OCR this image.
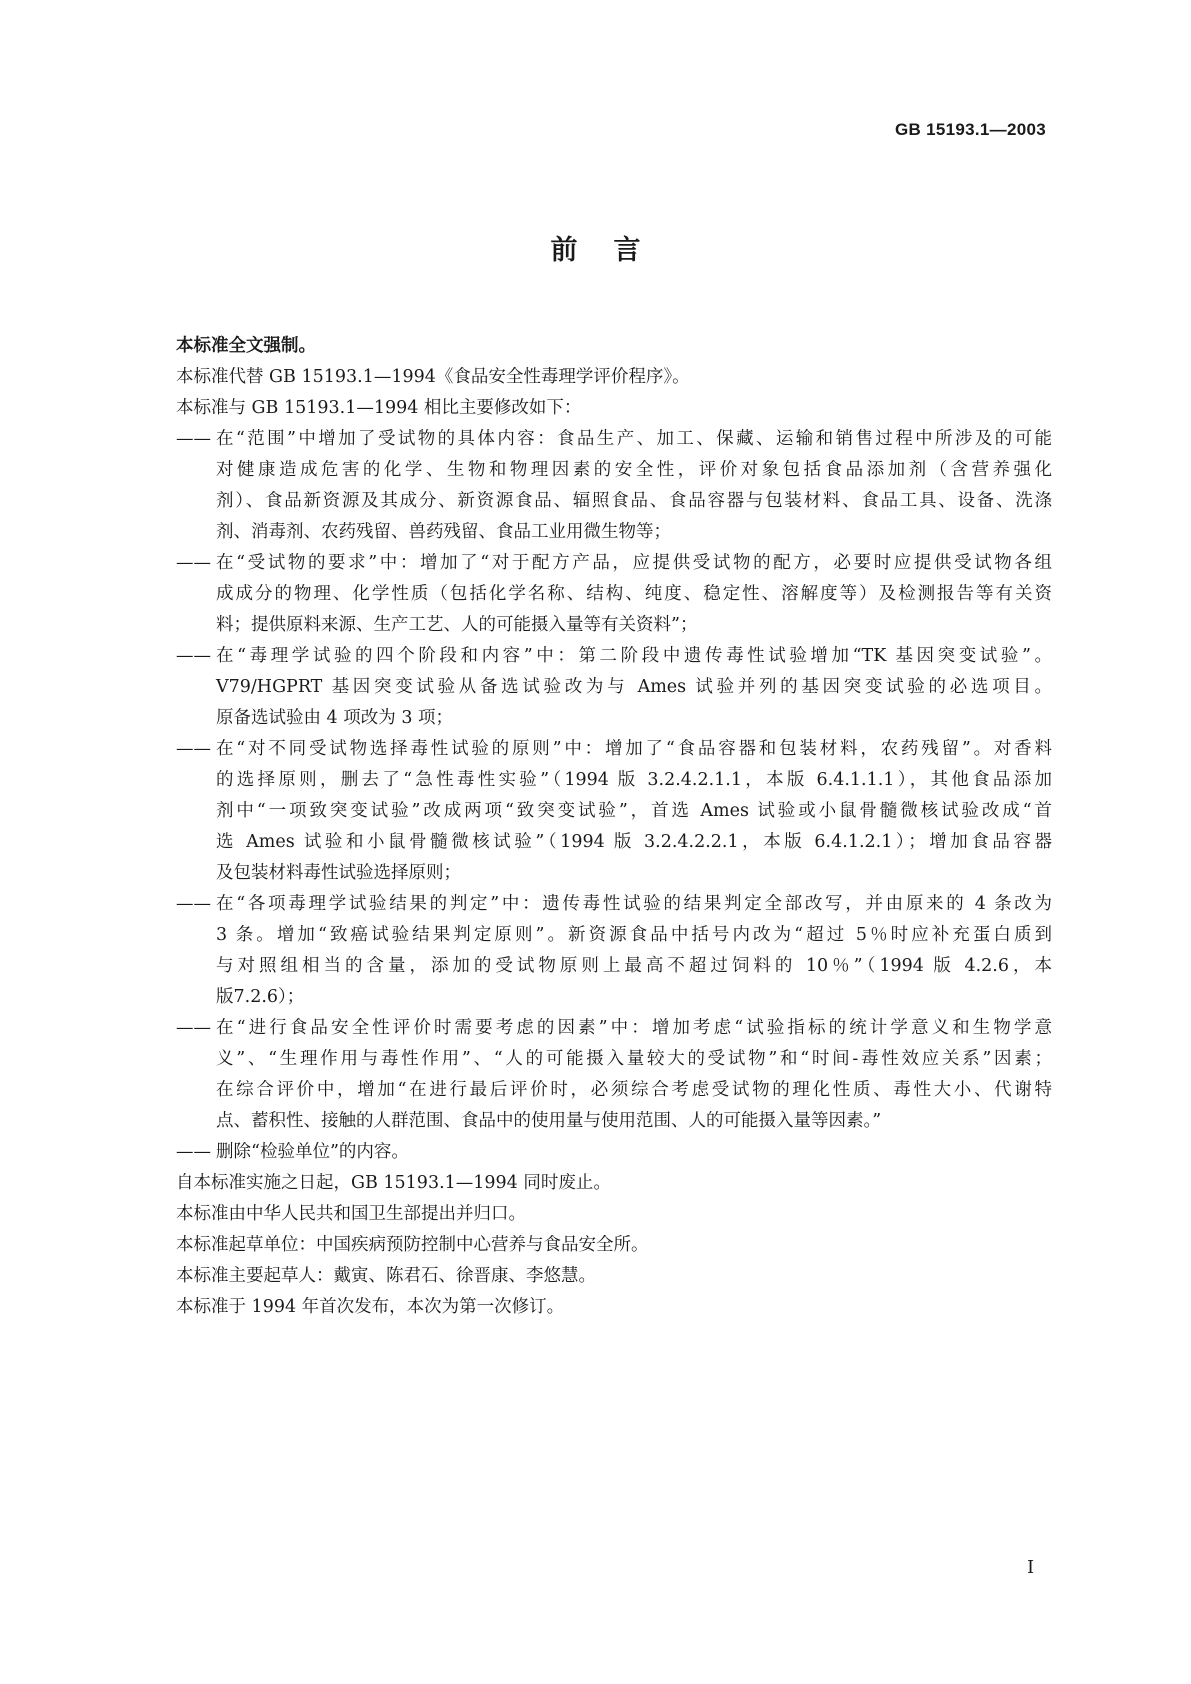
GB 15193.1—2003
前言
本标准全文强制。
本标准代替 GB 15193.1—1994《食品安全性毒理学评价程序》。
本标准与 GB 15193.1—1994 相比主要修改如下：
—— 在“范围”中增加了受试物的具体内容：食品生产、加工、保藏、运输和销售过程中所涉及的可能
对健康造成危害的化学、生物和物理因素的安全性，评价对象包括食品添加剂（含营养强化
剂）、食品新资源及其成分、新资源食品、辐照食品、食品容器与包装材料、食品工具、设备、洗涤
剂、消毒剂、农药残留、兽药残留、食品工业用微生物等；
—— 在“受试物的要求”中：增加了“对于配方产品，应提供受试物的配方，必要时应提供受试物各组
成成分的物理、化学性质（包括化学名称、结构、纯度、稳定性、溶解度等）及检测报告等有关资
料；提供原料来源、生产工艺、人的可能摄入量等有关资料”；
—— 在“毒理学试验的四个阶段和内容”中：第二阶段中遗传毒性试验增加“TK 基因突变试验”。
V79/HGPRT 基因突变试验从备选试验改为与 Ames 试验并列的基因突变试验的必选项目。
原备选试验由 4 项改为 3 项；
—— 在“对不同受试物选择毒性试验的原则”中：增加了“食品容器和包装材料，农药残留”。对香料
的选择原则，删去了“急性毒性实验”（1994 版 3.2.4.2.1.1，本版 6.4.1.1.1），其他食品添加
剂中“一项致突变试验”改成两项“致突变试验”，首选 Ames 试验或小鼠骨髓微核试验改成“首
选 Ames 试验和小鼠骨髓微核试验”（1994 版 3.2.4.2.2.1，本版 6.4.1.2.1）；增加食品容器
及包装材料毒性试验选择原则；
—— 在“各项毒理学试验结果的判定”中：遗传毒性试验的结果判定全部改写，并由原来的 4 条改为
3 条。增加“致癌试验结果判定原则”。新资源食品中括号内改为“超过 5％时应补充蛋白质到
与对照组相当的含量，添加的受试物原则上最高不超过饲料的 10％”（1994 版 4.2.6，本
版7.2.6）；
—— 在“进行食品安全性评价时需要考虑的因素”中：增加考虑“试验指标的统计学意义和生物学意
义”、“生理作用与毒性作用”、“人的可能摄入量较大的受试物”和“时间-毒性效应关系”因素；
在综合评价中，增加“在进行最后评价时，必须综合考虑受试物的理化性质、毒性大小、代谢特
点、蓄积性、接触的人群范围、食品中的使用量与使用范围、人的可能摄入量等因素。”
—— 删除“检验单位”的内容。
自本标准实施之日起，GB 15193.1—1994 同时废止。
本标准由中华人民共和国卫生部提出并归口。
本标准起草单位：中国疾病预防控制中心营养与食品安全所。
本标准主要起草人：戴寅、陈君石、徐晋康、李悠慧。
本标准于 1994 年首次发布，本次为第一次修订。
I
